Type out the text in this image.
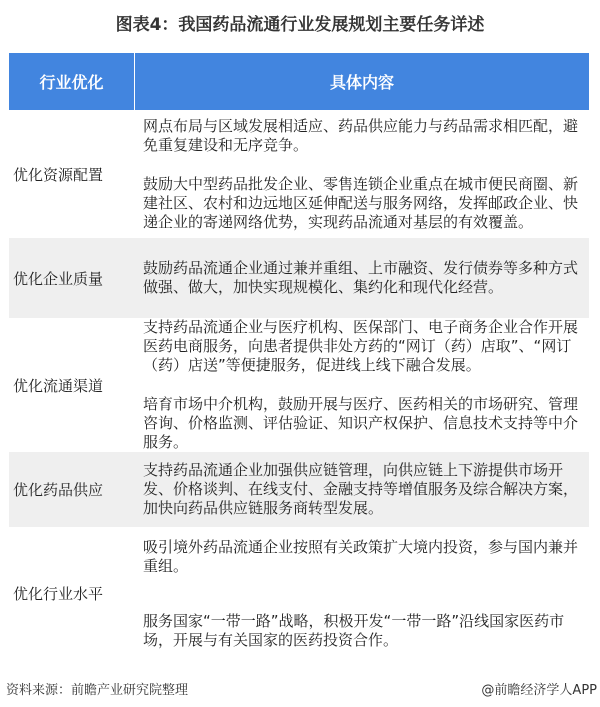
图表4：我国药品流通行业发展规划主要任务详述
行业优化	具体内容
优化资源配置

网点布局与区域发展相适应、药品供应能力与药品需求相匹配，避免重复建设和无序竞争。

鼓励大中型药品批发企业、零售连锁企业重点在城市便民商圈、新建社区、农村和边远地区延伸配送与服务网络，发挥邮政企业、快递企业的寄递网络优势，实现药品流通对基层的有效覆盖。

优化企业质量

鼓励药品流通企业通过兼并重组、上市融资、发行债券等多种方式做强、做大，加快实现规模化、集约化和现代化经营。

优化流通渠道

支持药品流通企业与医疗机构、医保部门、电子商务企业合作开展医药电商服务，向患者提供非处方药的“网订（药）店取”、“网订（药）店送”等便捷服务，促进线上线下融合发展。

培育市场中介机构，鼓励开展与医疗、医药相关的市场研究、管理咨询、价格监测、评估验证、知识产权保护、信息技术支持等中介服务。

优化药品供应

支持药品流通企业加强供应链管理，向供应链上下游提供市场开发、价格谈判、在线支付、金融支持等增值服务及综合解决方案，加快向药品供应链服务商转型发展。

优化行业水平

吸引境外药品流通企业按照有关政策扩大境内投资，参与国内兼并重组。

服务国家“一带一路”战略，积极开发“一带一路”沿线国家医药市场，开展与有关国家的医药投资合作。

资料来源：前瞻产业研究院整理	@前瞻经济学人APP
